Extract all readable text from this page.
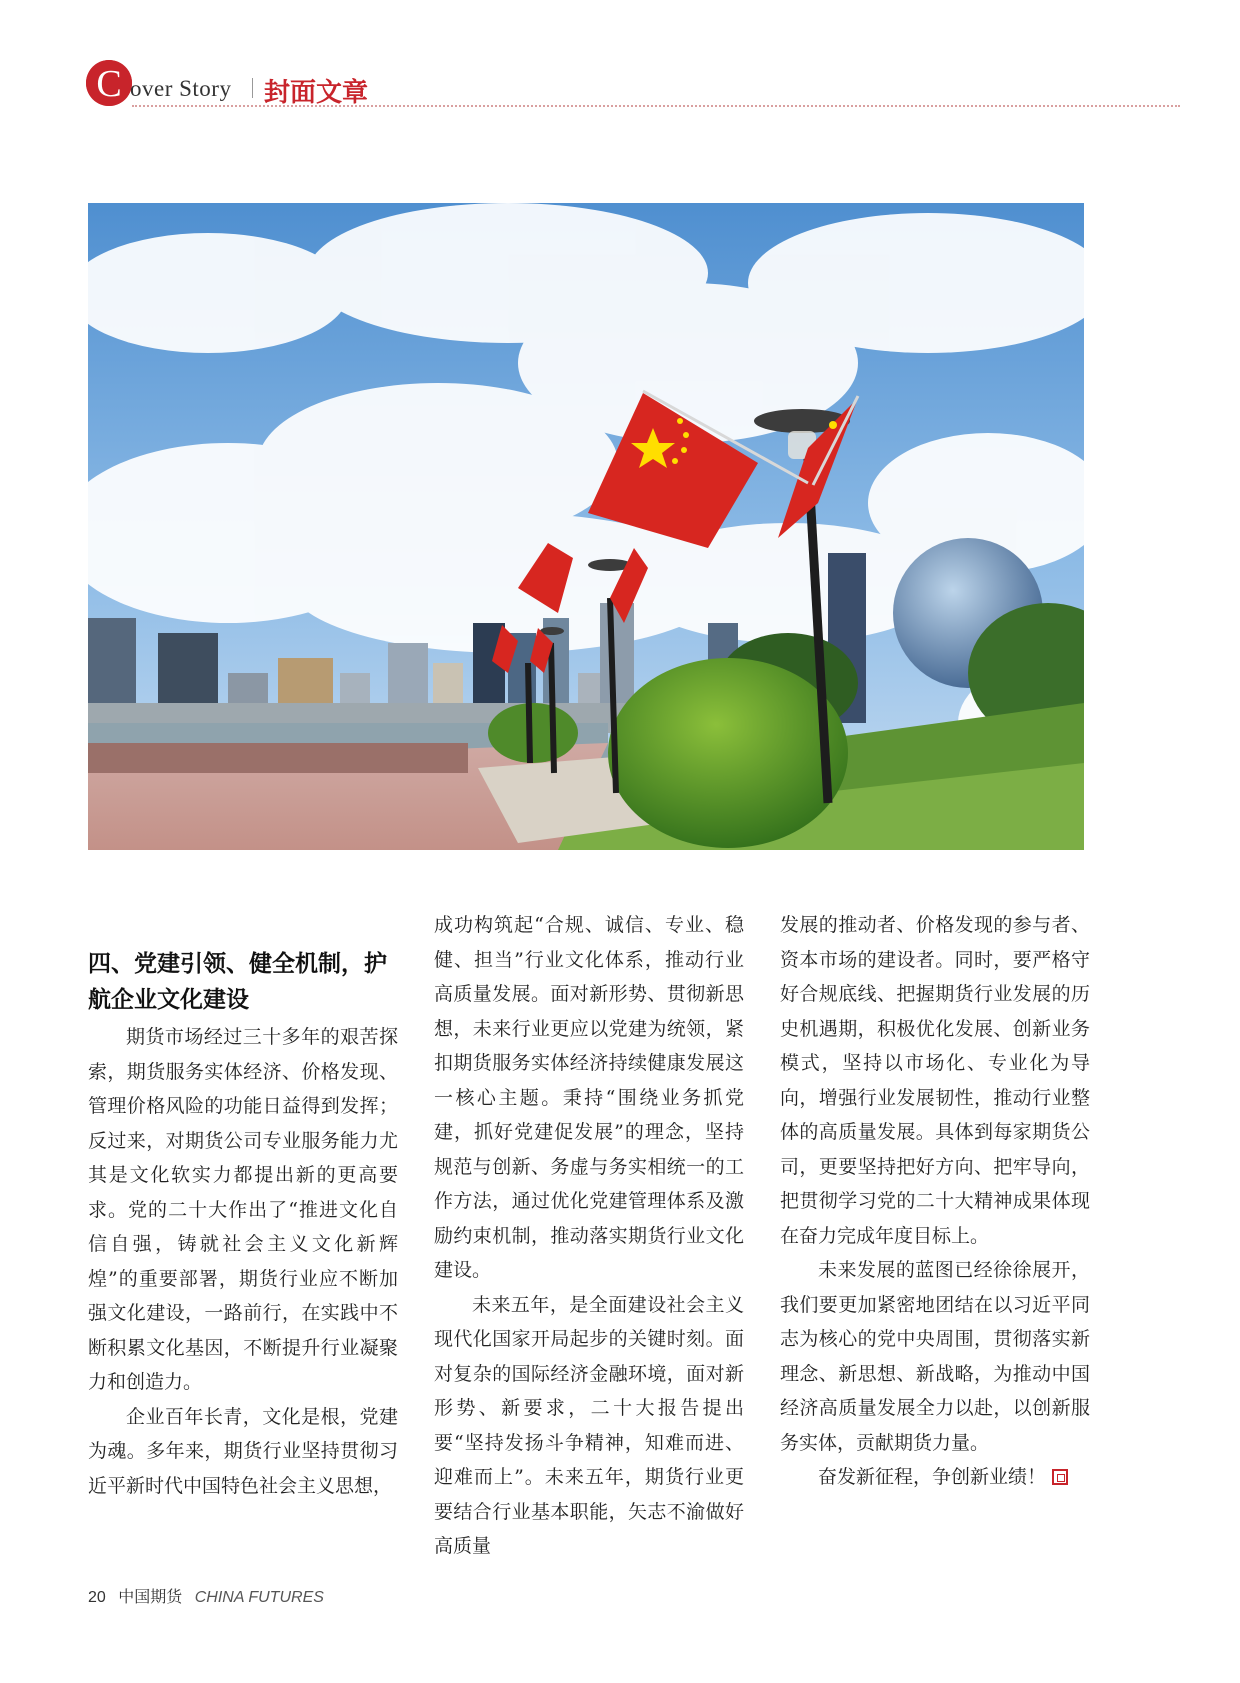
C over Story 封面文章
四、党建引领、健全机制，护航企业文化建设

期货市场经过三十多年的艰苦探索，期货服务实体经济、价格发现、管理价格风险的功能日益得到发挥；反过来，对期货公司专业服务能力尤其是文化软实力都提出新的更高要求。党的二十大作出了“推进文化自信自强，铸就社会主义文化新辉煌”的重要部署，期货行业应不断加强文化建设，一路前行，在实践中不断积累文化基因，不断提升行业凝聚力和创造力。

企业百年长青，文化是根，党建为魂。多年来，期货行业坚持贯彻习近平新时代中国特色社会主义思想，

成功构筑起“合规、诚信、专业、稳健、担当”行业文化体系，推动行业高质量发展。面对新形势、贯彻新思想，未来行业更应以党建为统领，紧扣期货服务实体经济持续健康发展这一核心主题。秉持“围绕业务抓党建，抓好党建促发展”的理念，坚持规范与创新、务虚与务实相统一的工作方法，通过优化党建管理体系及激励约束机制，推动落实期货行业文化建设。

未来五年，是全面建设社会主义现代化国家开局起步的关键时刻。面对复杂的国际经济金融环境，面对新形势、新要求，二十大报告提出要“坚持发扬斗争精神，知难而进、迎难而上”。未来五年，期货行业更要结合行业基本职能，矢志不渝做好高质量

发展的推动者、价格发现的参与者、资本市场的建设者。同时，要严格守好合规底线、把握期货行业发展的历史机遇期，积极优化发展、创新业务模式，坚持以市场化、专业化为导向，增强行业发展韧性，推动行业整体的高质量发展。具体到每家期货公司，更要坚持把好方向、把牢导向，把贯彻学习党的二十大精神成果体现在奋力完成年度目标上。

未来发展的蓝图已经徐徐展开，我们要更加紧密地团结在以习近平同志为核心的党中央周围，贯彻落实新理念、新思想、新战略，为推动中国经济高质量发展全力以赴，以创新服务实体，贡献期货力量。

奋发新征程，争创新业绩！

20 中国期货 CHINA FUTURES
